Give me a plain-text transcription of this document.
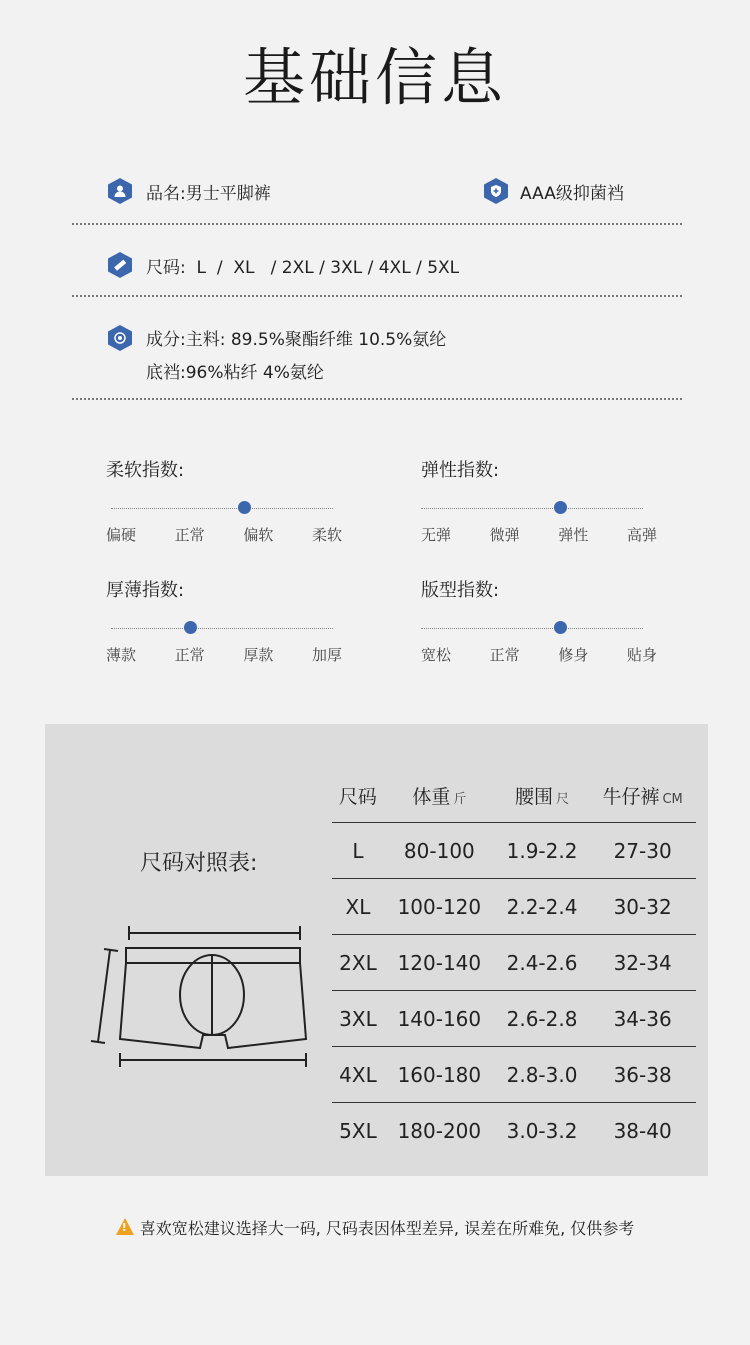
基础信息
品名:男士平脚裤	AAA级抑菌裆
尺码:  L  /  XL   / 2XL / 3XL / 4XL / 5XL
成分:主料: 89.5%聚酯纤维 10.5%氨纶
底裆:96%粘纤 4%氨纶
柔软指数:
偏硬	正常	偏软	柔软
弹性指数:
无弹	微弹	弹性	高弹
厚薄指数:
薄款	正常	厚款	加厚
版型指数:
宽松	正常	修身	贴身
尺码对照表:
尺码	体重 斤	腰围 尺	牛仔裤 CM
L	80-100	1.9-2.2	27-30
XL	100-120	2.2-2.4	30-32
2XL	120-140	2.4-2.6	32-34
3XL	140-160	2.6-2.8	34-36
4XL	160-180	2.8-3.0	36-38
5XL	180-200	3.0-3.2	38-40
! 喜欢宽松建议选择大一码, 尺码表因体型差异, 误差在所难免, 仅供参考
